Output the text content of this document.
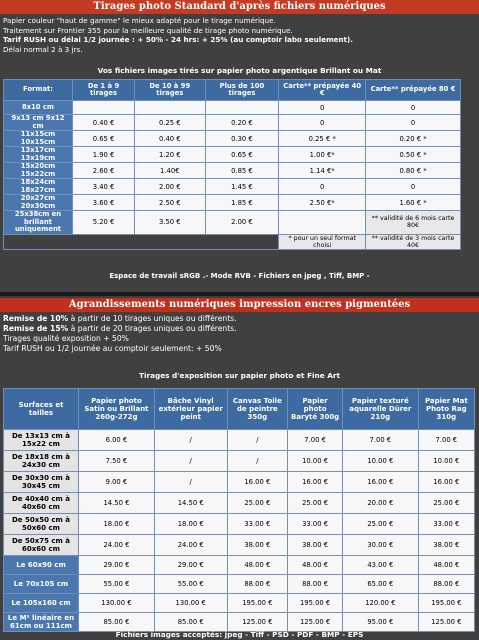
Tirages photo Standard d'après fichiers numériques
Papier couleur "haut de gamme" le mieux adapté pour le tirage numérique.
Traitement sur Frontier 355 pour la meilleure qualité de tirage photo numérique.
Tarif RUSH ou délai 1/2 journée : + 50% - 24 hrs: + 25% (au comptoir labo seulement).
Délai normal 2 à 3 jrs.
Vos fichiers images tirés sur papier photo argentique Brillant ou Mat
Format:	De 1 à 9 tirages	De 10 à 99 tirages	Plus de 100 tirages	Carte** prépayée 40 €	Carte** prépayée 80 €
8x10 cm				0	0
9x13 cm 9x12 cm	0.40 €	0.25 €	0.20 €	0	0
11x15cm 10x15cm	0.65 €	0.40 €	0.30 €	0.25 € *	0.20 € *
13x17cm 13x19cm	1.90 €	1.20 €	0.65 €	1.00 €*	0.50 € *
15x20cm 15x22cm	2.60 €	1.40€	0.85 €	1.14 €*	0.80 € *
18x24cm 18x27cm	3.40 €	2.00 €	1.45 €	0	0
20x27cm 20x30cm	3.60 €	2.50 €	1.85 €	2.50 €*	1.60 € *
25x38cm en brillant uniquement	5.20 €	3.50 €	2.00 €		** validité de 6 mois carte 80€
				* pour un seul format choisi	** validité de 3 mois carte 40€
Espace de travail sRGB .- Mode RVB - Fichiers en jpeg , Tiff, BMP -
Agrandissements numériques impression encres pigmentées
Remise de 10% à partir de 10 tirages uniques ou différents.
Remise de 15% à partir de 20 tirages uniques ou différents.
Tirages qualité exposition + 50%
Tarif RUSH ou 1/2 journée au comptoir seulement: + 50%
Tirages d'exposition sur papier photo et Fine Art
Surfaces et tailles	Papier photo Satin ou Brillant 260g-272g	Bâche Vinyl extérieur papier peint	Canvas Toile de peintre 350g	Papier photo Baryté 300g	Papier texturé aquarelle Dürer 210g	Papier Mat Photo Rag 310g
De 13x13 cm à 15x22 cm	6.00 €	/	/	7.00 €	7.00 €	7.00 €
De 18x18 cm à 24x30 cm	7.50 €	/	/	10.00 €	10.00 €	10.00 €
De 30x30 cm à 30x45 cm	9.00 €	/	16.00 €	16.00 €	16.00 €	16.00 €
De 40x40 cm à 40x60 cm	14.50 €	14.50 €	25.00 €	25.00 €	20.00 €	25.00 €
De 50x50 cm à 50x60 cm	18.00 €	18.00 €	33.00 €	33.00 €	25.00 €	33.00 €
De 50x75 cm à 60x60 cm	24.00 €	24.00 €	38.00 €	38.00 €	30.00 €	38.00 €
Le 60x90 cm	29.00 €	29.00 €	48.00 €	48.00 €	43.00 €	48.00 €
Le 70x105 cm	55.00 €	55.00 €	88.00 €	88.00 €	65.00 €	88.00 €
Le 105x160 cm	130.00 €	130.00 €	195.00 €	195.00 €	120.00 €	195.00 €
Le M² linéaire en 61cm ou 111cm	85.00 €	85.00 €	125.00 €	125.00 €	95.00 €	125.00 €
Fichiers images acceptés: jpeg - Tiff - PSD - PDF - BMP - EPS
